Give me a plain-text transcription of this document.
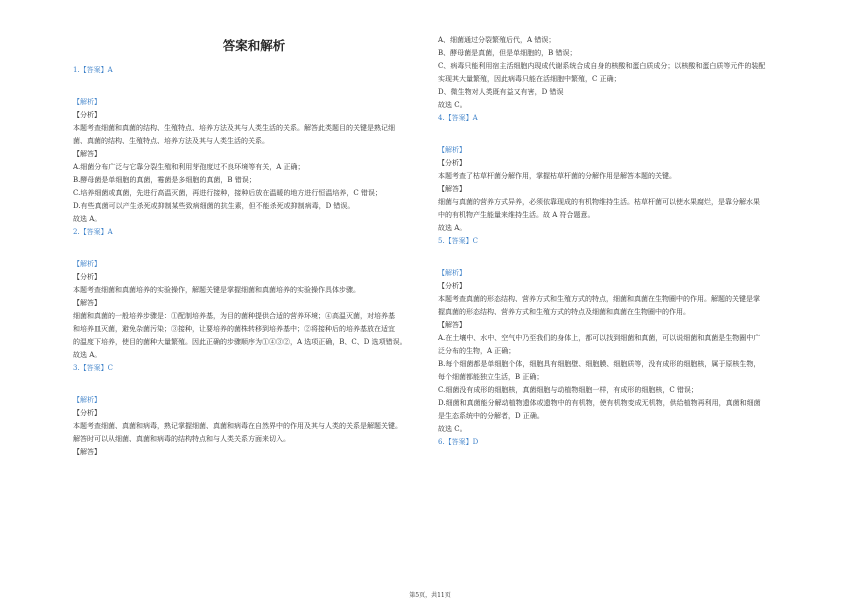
答案和解析

1.【答案】A

【解析】

【分析】

本题考查细菌和真菌的结构、生殖特点、培养方法及其与人类生活的关系。解答此类题目的关键是熟记细

菌、真菌的结构、生殖特点、培养方法及其与人类生活的关系。

【解答】

A.细菌分布广泛与它靠分裂生殖和利用芽孢度过不良环境等有关，A 正确；

B.酵母菌是单细胞的真菌，霉菌是多细胞的真菌，B 错误；

C.培养细菌或真菌，先进行高温灭菌，再进行接种，接种后放在温暖的地方进行恒温培养，C 错误；

D.有些真菌可以产生杀死或抑制某些致病细菌的抗生素，但不能杀死或抑制病毒，D 错误。

故选 A。

2.【答案】A

【解析】

【分析】

本题考查细菌和真菌培养的实验操作，解题关键是掌握细菌和真菌培养的实验操作具体步骤。

【解答】

细菌和真菌的一般培养步骤是：①配制培养基，为目的菌种提供合适的营养环境；④高温灭菌，对培养基

和培养皿灭菌，避免杂菌污染；③接种，让要培养的菌株转移到培养基中；②将接种后的培养基放在适宜

的温度下培养，使目的菌种大量繁殖。因此正确的步骤顺序为①④③②，A 选项正确，B、C、D 选项错误。

故选 A。

3.【答案】C

【解析】

【分析】

本题考查细菌、真菌和病毒，熟记掌握细菌、真菌和病毒在自然界中的作用及其与人类的关系是解题关键。

解答时可以从细菌、真菌和病毒的结构特点和与人类关系方面来切入。

【解答】

A、细菌通过分裂繁殖后代，A 错误；

B、酵母菌是真菌，但是单细胞的，B 错误；

C、病毒只能利用宿主活细胞内现成代谢系统合成自身的核酸和蛋白质成分；以核酸和蛋白质等元件的装配

实现其大量繁殖，因此病毒只能在活细胞中繁殖，C 正确；

D、微生物对人类既有益又有害，D 错误

故选 C。

4.【答案】A

【解析】

【分析】

本题考查了枯草杆菌分解作用，掌握枯草杆菌的分解作用是解答本题的关键。

【解答】

细菌与真菌的营养方式异养，必须依靠现成的有机物维持生活。枯草杆菌可以使水果腐烂，是靠分解水果

中的有机物产生能量来维持生活。故 A 符合题意。

故选 A。

5.【答案】C

【解析】

【分析】

本题考查真菌的形态结构、营养方式和生殖方式的特点，细菌和真菌在生物圈中的作用。解题的关键是掌

握真菌的形态结构、营养方式和生殖方式的特点及细菌和真菌在生物圈中的作用。

【解答】

A.在土壤中、水中、空气中乃至我们的身体上，都可以找到细菌和真菌，可以说细菌和真菌是生物圈中广

泛分布的生物，A 正确；

B.每个细菌都是单细胞个体，细胞具有细胞壁、细胞膜、细胞质等，没有成形的细胞核，属于原核生物，

每个细菌都能独立生活，B 正确；

C.细菌没有成形的细胞核，真菌细胞与动植物细胞一样，有成形的细胞核，C 错误；

D.细菌和真菌能分解动植物遗体或遗物中的有机物，使有机物变成无机物，供给植物再利用，真菌和细菌

是生态系统中的分解者，D 正确。

故选 C。

6.【答案】D

第5页，共11页
